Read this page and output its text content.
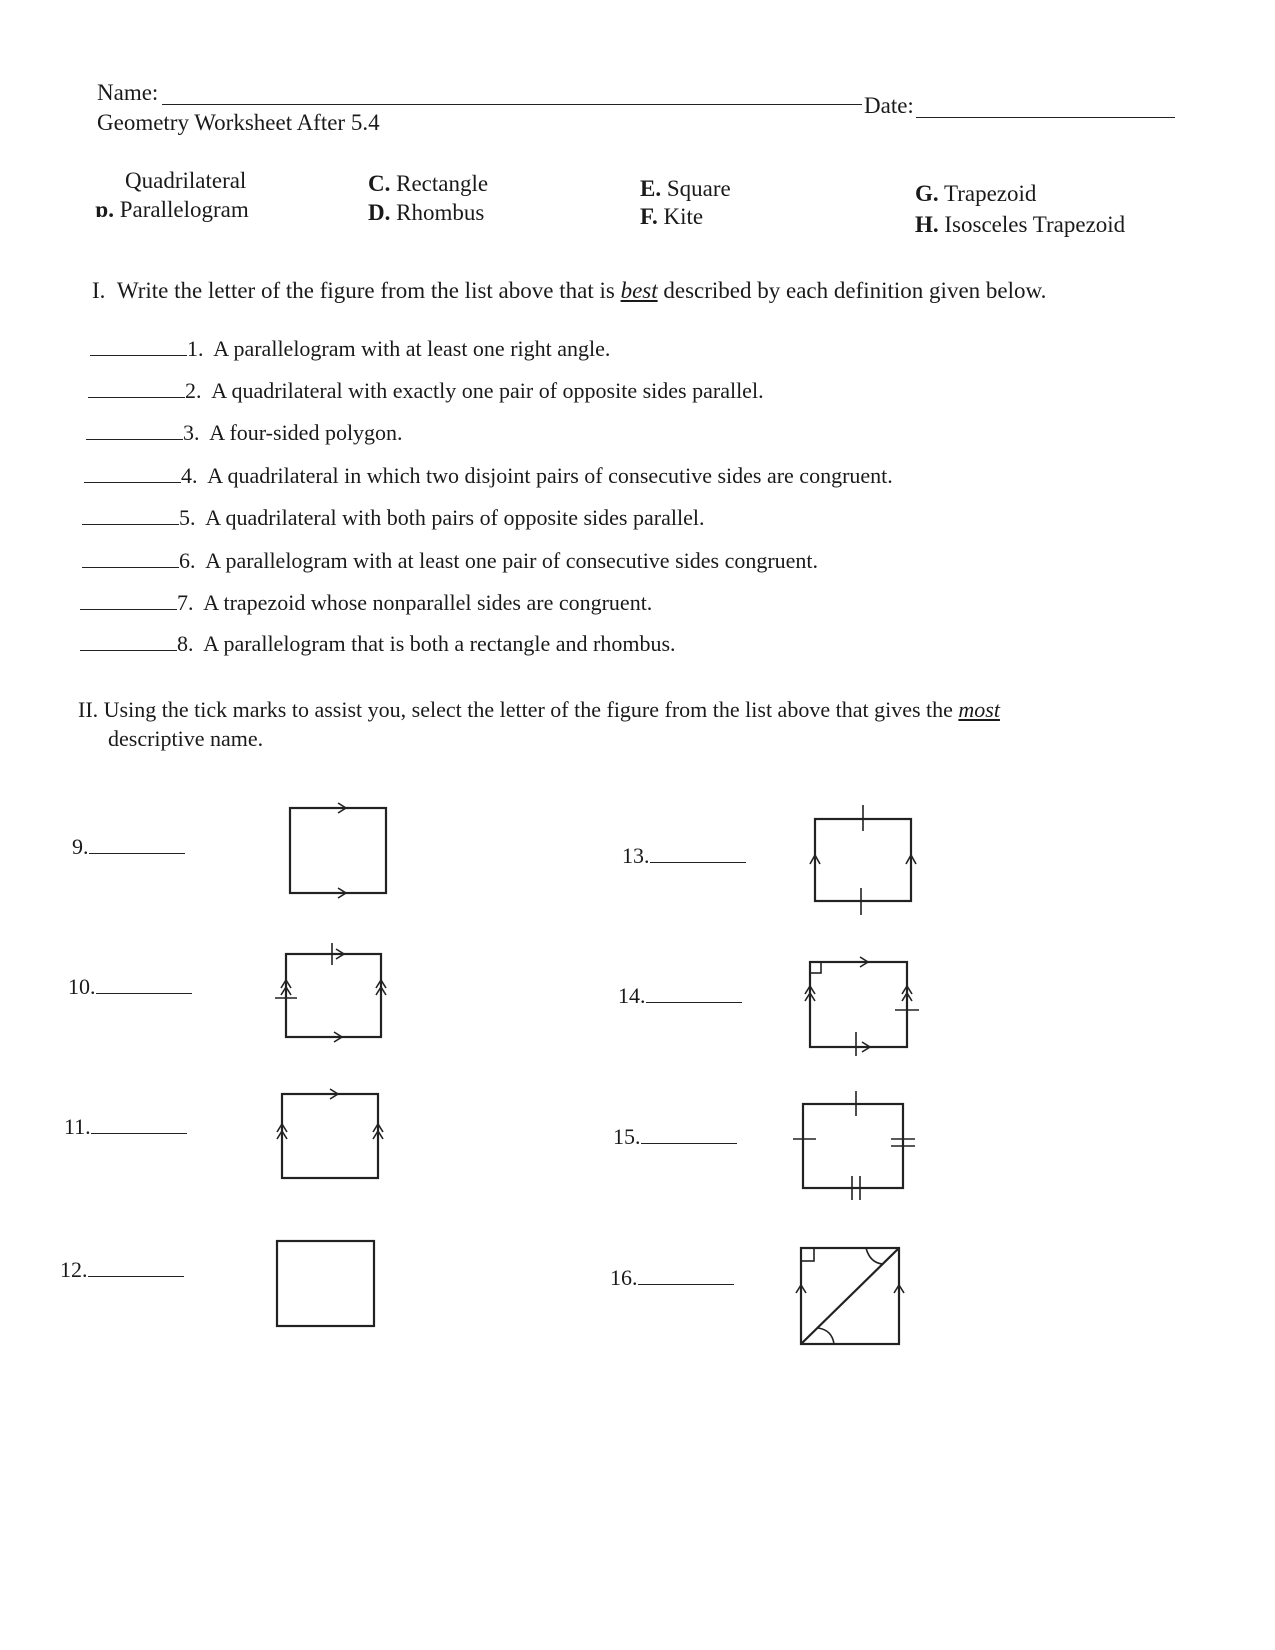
Name:
Date:
Geometry Worksheet After 5.4
Quadrilateral
ɒ. Parallelogram
C. Rectangle
D. Rhombus
E. Square
F. Kite
G. Trapezoid
H. Isosceles Trapezoid
I. Write the letter of the figure from the list above that is best described by each definition given below.
1. A parallelogram with at least one right angle.
2. A quadrilateral with exactly one pair of opposite sides parallel.
3. A four-sided polygon.
4. A quadrilateral in which two disjoint pairs of consecutive sides are congruent.
5. A quadrilateral with both pairs of opposite sides parallel.
6. A parallelogram with at least one pair of consecutive sides congruent.
7. A trapezoid whose nonparallel sides are congruent.
8. A parallelogram that is both a rectangle and rhombus.
II. Using the tick marks to assist you, select the letter of the figure from the list above that gives the most
descriptive name.
9.
10.
11.
12.
13.
14.
15.
16.
